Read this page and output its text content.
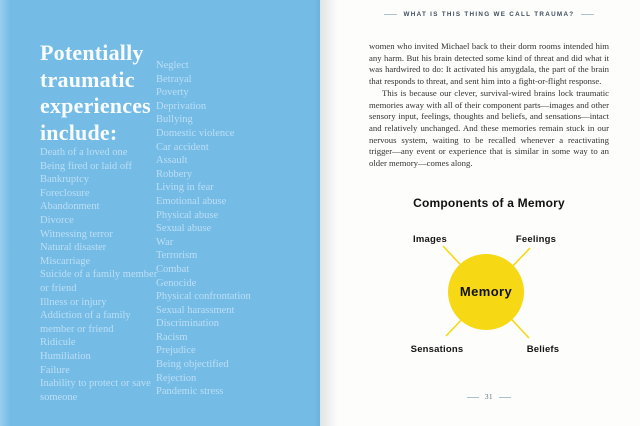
Potentially traumatic experiences include:
Death of a loved one
Being fired or laid off
Bankruptcy
Foreclosure
Abandonment
Divorce
Witnessing terror
Natural disaster
Miscarriage
Suicide of a family member or friend
Illness or injury
Addiction of a family member or friend
Ridicule
Humiliation
Failure
Inability to protect or save someone
Neglect
Betrayal
Poverty
Deprivation
Bullying
Domestic violence
Car accident
Assault
Robbery
Living in fear
Emotional abuse
Physical abuse
Sexual abuse
War
Terrorism
Combat
Genocide
Physical confrontation
Sexual harassment
Discrimination
Racism
Prejudice
Being objectified
Rejection
Pandemic stress
WHAT IS THIS THING WE CALL TRAUMA?

women who invited Michael back to their dorm rooms intended him any harm. But his brain detected some kind of threat and did what it was hardwired to do: It activated his amygdala, the part of the brain that responds to threat, and sent him into a fight-or-flight response.

This is because our clever, survival-wired brains lock traumatic memories away with all of their component parts—images and other sensory input, feelings, thoughts and beliefs, and sensations—intact and relatively unchanged. And these memories remain stuck in our nervous system, waiting to be recalled whenever a reactivating trigger—any event or experience that is similar in some way to an older memory—comes along.

Components of a Memory
Memory
Images	Feelings
Sensations	Beliefs
31
